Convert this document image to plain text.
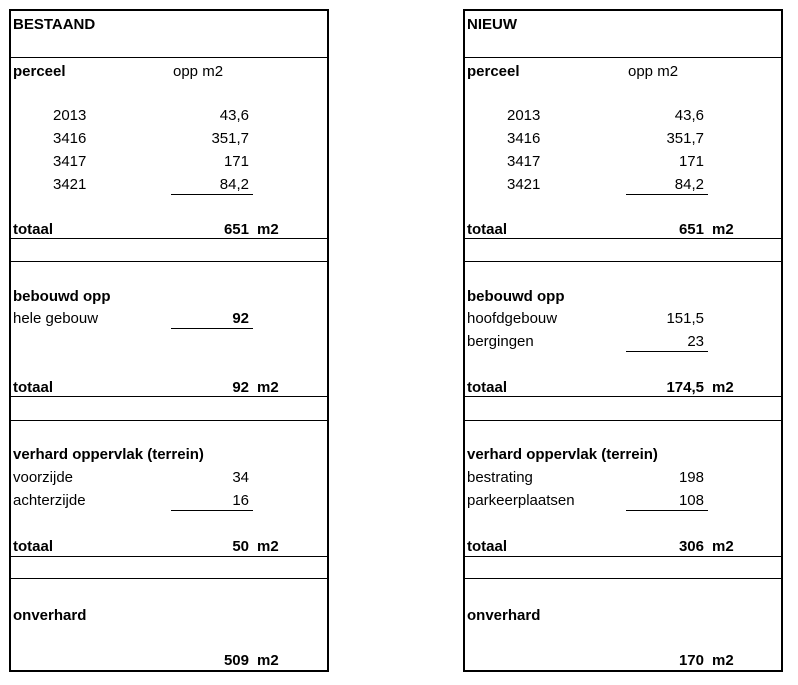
BESTAAND
perceel	opp m2
2013	43,6
3416	351,7
3417	171
3421	84,2
totaal	651 m2
bebouwd opp
hele gebouw	92
totaal	92 m2
verhard oppervlak (terrein)
voorzijde	34
achterzijde	16
totaal	50 m2
onverhard
509 m2
NIEUW
perceel	opp m2
2013	43,6
3416	351,7
3417	171
3421	84,2
totaal	651 m2
bebouwd opp
hoofdgebouw	151,5
bergingen	23
totaal	174,5 m2
verhard oppervlak (terrein)
bestrating	198
parkeerplaatsen	108
totaal	306 m2
onverhard
170 m2
